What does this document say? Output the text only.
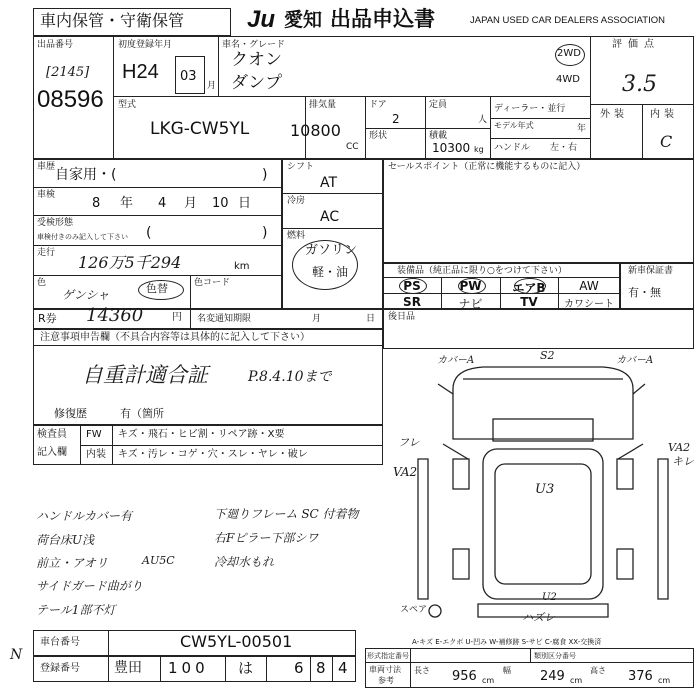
車内保管・守衛保管	Ju 愛知 出品申込書	JAPAN USED CAR DEALERS ASSOCIATION
出品番号
[2145]
08596
初度登録年月
H24 03
月
車名・グレード
クオン
ダンプ
2WD
4WD
評価点
3.5
外装 内装
C
型式
LKG-CW5YL
排気量
10800
CC
ドア
2
形状
定員
人
積載
10300 kg
ディーラー・並行
モデル年式	年
ハンドル 左・右
車歴 自家用・(	)
車検
8 年 4 月 10 日
受検形態
車検付きのみ記入して下さい (	)
走行 126万5千294	km
色
ゲンシャ	色替	色コード
シフト
AT
冷房
AC
燃料
ガソリン
軽・油
セールスポイント（正常に機能するものに記入）
装備品（純正品に限り○をつけて下さい）
PS	PW	エアB	AW
SR	ナビ	TV	カワシート
新車保証書
有・無
R券 14360	円 名変通知期限	月	日 後日品
注意事項申告欄（不具合内容等は具体的に記入して下さい）
自重計適合証	P.8.4.10まで
修復歴	有（箇所
検査員
記入欄
FW キズ・飛石・ヒビ割・リペア跡・X要
内装 キズ・汚レ・コゲ・穴・スレ・ヤレ・破レ
ハンドルカバー有
荷台床U浅
前立・アオリ
サイドガード曲がり
テール1部不灯
下廻りフレーム SC 付着物
右Fピラー下部シワ
冷却水もれ
AU5C
S2
カバーA	カバーA
フレ
VA2
VA2
キレ
U3
U2
スペア
ハズレ
A-キズ E-エクボ U-凹み W-補修跡 S-サビ C-腐食 XX-交換済
車台番号	CW5YL-00501
登録番号 豊田 100 は	6 8 4
N	形式指定番号	類別区分番号
車両寸法
参考
長さ 956 cm
幅 249 cm
高さ 376 cm
